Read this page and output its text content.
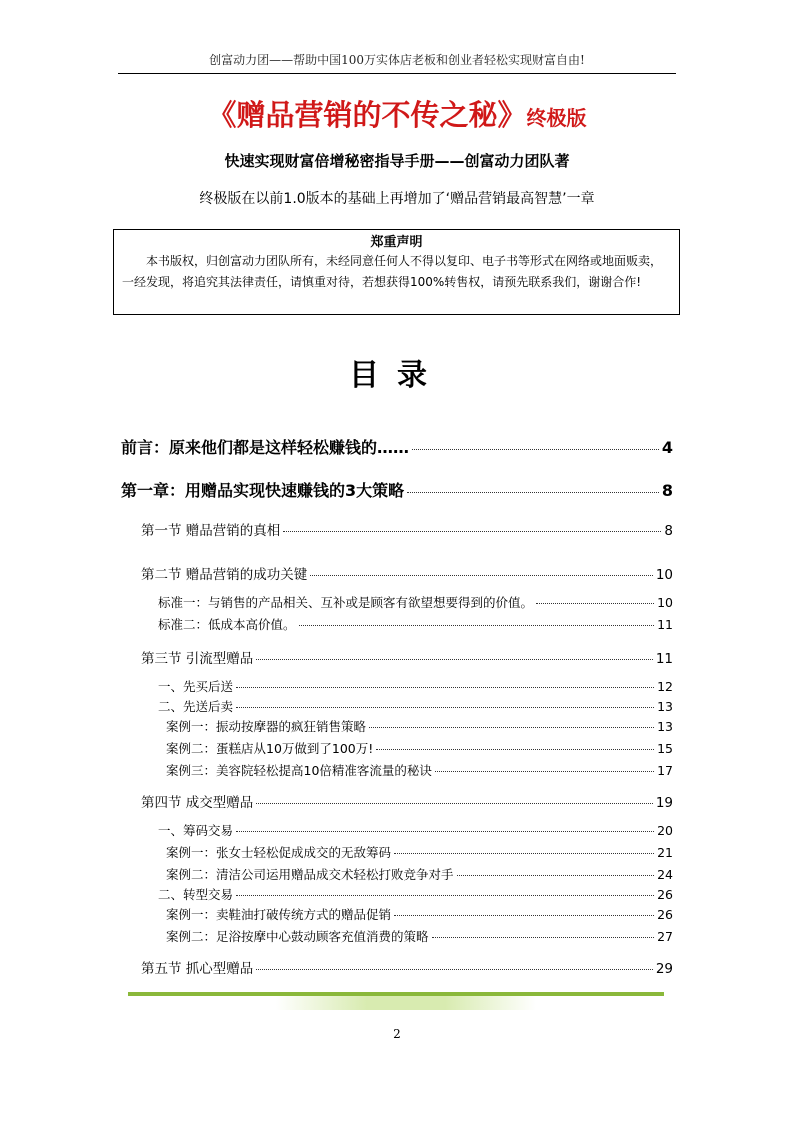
创富动力团——帮助中国100万实体店老板和创业者轻松实现财富自由!
《赠品营销的不传之秘》终极版
快速实现财富倍增秘密指导手册——创富动力团队著
终极版在以前1.0版本的基础上再增加了‘赠品营销最高智慧’一章
郑重声明
本书版权，归创富动力团队所有，未经同意任何人不得以复印、电子书等形式在网络或地面贩卖，一经发现，将追究其法律责任，请慎重对待，若想获得100%转售权，请预先联系我们，谢谢合作!
目录
前言：原来他们都是这样轻松赚钱的……	4
第一章：用赠品实现快速赚钱的3大策略	8
第一节 赠品营销的真相	8
第二节 赠品营销的成功关键	10
标准一：与销售的产品相关、互补或是顾客有欲望想要得到的价值。	10
标准二：低成本高价值。	11
第三节 引流型赠品	11
一、先买后送	12
二、先送后卖	13
案例一：振动按摩器的疯狂销售策略	13
案例二：蛋糕店从10万做到了100万!	15
案例三：美容院轻松提高10倍精准客流量的秘诀	17
第四节 成交型赠品	19
一、筹码交易	20
案例一：张女士轻松促成成交的无敌筹码	21
案例二：清洁公司运用赠品成交术轻松打败竞争对手	24
二、转型交易	26
案例一：卖鞋油打破传统方式的赠品促销	26
案例二：足浴按摩中心鼓动顾客充值消费的策略	27
第五节 抓心型赠品	29
2
